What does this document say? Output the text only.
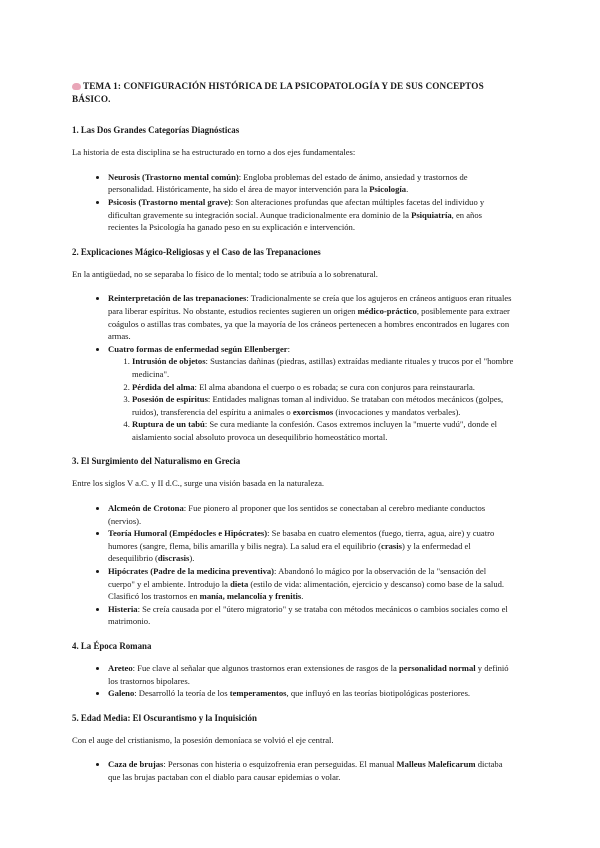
TEMA 1: CONFIGURACIÓN HISTÓRICA DE LA PSICOPATOLOGÍA Y DE SUS CONCEPTOS BÁSICO.
1. Las Dos Grandes Categorías Diagnósticas

La historia de esta disciplina se ha estructurado en torno a dos ejes fundamentales:

• Neurosis (Trastorno mental común): Engloba problemas del estado de ánimo, ansiedad y trastornos de personalidad. Históricamente, ha sido el área de mayor intervención para la Psicología.
• Psicosis (Trastorno mental grave): Son alteraciones profundas que afectan múltiples facetas del individuo y dificultan gravemente su integración social. Aunque tradicionalmente era dominio de la Psiquiatría, en años recientes la Psicología ha ganado peso en su explicación e intervención.
2. Explicaciones Mágico-Religiosas y el Caso de las Trepanaciones

En la antigüedad, no se separaba lo físico de lo mental; todo se atribuía a lo sobrenatural.

• Reinterpretación de las trepanaciones: Tradicionalmente se creía que los agujeros en cráneos antiguos eran rituales para liberar espíritus. No obstante, estudios recientes sugieren un origen médico-práctico, posiblemente para extraer coágulos o astillas tras combates, ya que la mayoría de los cráneos pertenecen a hombres encontrados en lugares con armas.
• Cuatro formas de enfermedad según Ellenberger:
1. Intrusión de objetos: Sustancias dañinas (piedras, astillas) extraídas mediante rituales y trucos por el "hombre medicina".
2. Pérdida del alma: El alma abandona el cuerpo o es robada; se cura con conjuros para reinstaurarla.
3. Posesión de espíritus: Entidades malignas toman al individuo. Se trataban con métodos mecánicos (golpes, ruidos), transferencia del espíritu a animales o exorcismos (invocaciones y mandatos verbales).
4. Ruptura de un tabú: Se cura mediante la confesión. Casos extremos incluyen la "muerte vudú", donde el aislamiento social absoluto provoca un desequilibrio homeostático mortal.
3. El Surgimiento del Naturalismo en Grecia

Entre los siglos V a.C. y II d.C., surge una visión basada en la naturaleza.

• Alcmeón de Crotona: Fue pionero al proponer que los sentidos se conectaban al cerebro mediante conductos (nervios).
• Teoría Humoral (Empédocles e Hipócrates): Se basaba en cuatro elementos (fuego, tierra, agua, aire) y cuatro humores (sangre, flema, bilis amarilla y bilis negra). La salud era el equilibrio (crasis) y la enfermedad el desequilibrio (discrasis).
• Hipócrates (Padre de la medicina preventiva): Abandonó lo mágico por la observación de la "sensación del cuerpo" y el ambiente. Introdujo la dieta (estilo de vida: alimentación, ejercicio y descanso) como base de la salud. Clasificó los trastornos en manía, melancolía y frenitis.
• Histeria: Se creía causada por el "útero migratorio" y se trataba con métodos mecánicos o cambios sociales como el matrimonio.
4. La Época Romana
• Areteo: Fue clave al señalar que algunos trastornos eran extensiones de rasgos de la personalidad normal y definió los trastornos bipolares.
• Galeno: Desarrolló la teoría de los temperamentos, que influyó en las teorías biotipológicas posteriores.
5. Edad Media: El Oscurantismo y la Inquisición

Con el auge del cristianismo, la posesión demoníaca se volvió el eje central.

• Caza de brujas: Personas con histeria o esquizofrenia eran perseguidas. El manual Malleus Maleficarum dictaba que las brujas pactaban con el diablo para causar epidemias o volar.
